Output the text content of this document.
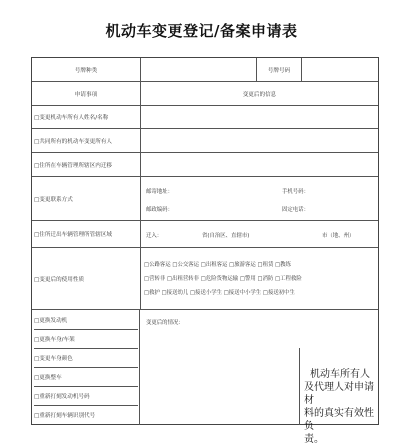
机动车变更登记/备案申请表
号牌种类	号牌号码
申请事项	变更后的信息
□变更机动车所有人姓名/名称
□共同所有的机动车变更所有人
□住所在车辆管理所辖区内迁移
□变更联系方式
邮寄地址：	手机号码：
邮政编码：	固定电话：
□住所迁出车辆管理所管辖区域	迁入：	省(自治区、直辖市)	市（地、州）
□变更后的使用性质
□公路客运 □公交客运 □出租客运 □旅游客运 □租赁 □教练
□营转非 □出租营转非 □危险货物运输 □警用 □消防 □工程救险
□救护 □接送幼儿 □接送小学生 □接送中小学生 □接送初中生
□更换发动机
□更换车身/车架
□变更车身颜色
□更换整车
□重新打刻发动机号码
□重新打刻车辆识别代号
变更后的情况：
机动车所有人
及代理人对申请材
料的真实有效性负
责。
